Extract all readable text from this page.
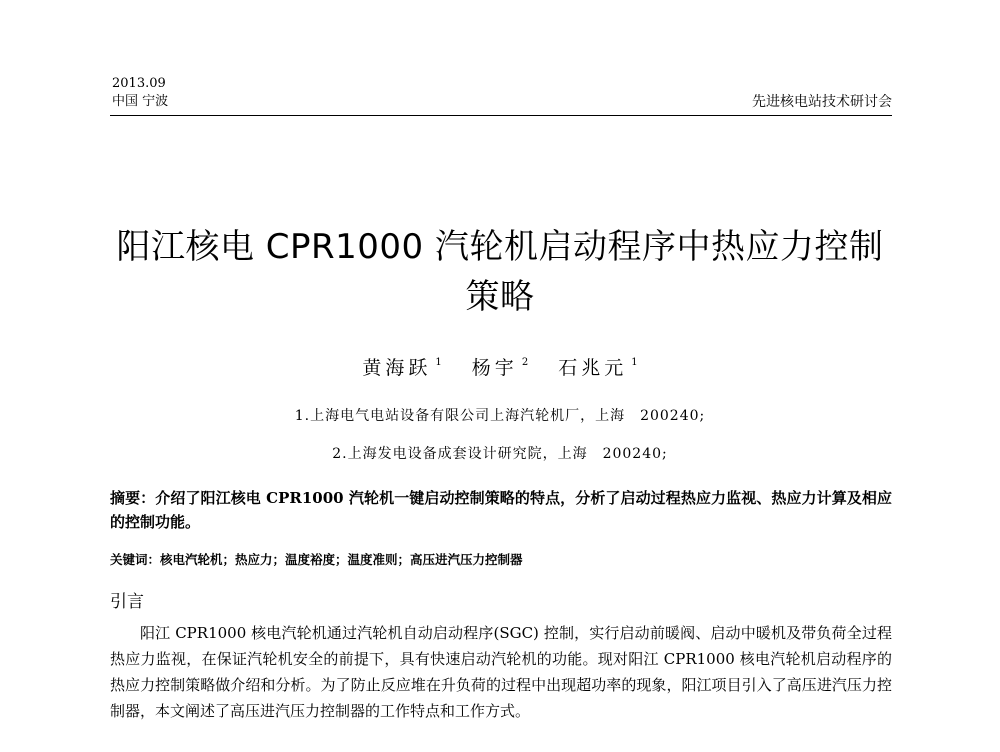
2013.09
中国 宁波	先进核电站技术研讨会
阳江核电 CPR1000 汽轮机启动程序中热应力控制策略
黄海跃 $^1$ 杨宇 $^2$ 石兆元 $^1$
1.上海电气电站设备有限公司上海汽轮机厂，上海　200240;
2.上海发电设备成套设计研究院，上海　200240;
摘要：介绍了阳江核电 CPR1000 汽轮机一键启动控制策略的特点，分析了启动过程热应力监视、热应力计算及相应的控制功能。
关键词：核电汽轮机；热应力；温度裕度；温度准则；高压进汽压力控制器
引言
阳江 CPR1000 核电汽轮机通过汽轮机自动启动程序(SGC) 控制，实行启动前暖阀、启动中暖机及带负荷全过程热应力监视，在保证汽轮机安全的前提下，具有快速启动汽轮机的功能。现对阳江 CPR1000 核电汽轮机启动程序的热应力控制策略做介绍和分析。为了防止反应堆在升负荷的过程中出现超功率的现象，阳江项目引入了高压进汽压力控制器，本文阐述了高压进汽压力控制器的工作特点和工作方式。
